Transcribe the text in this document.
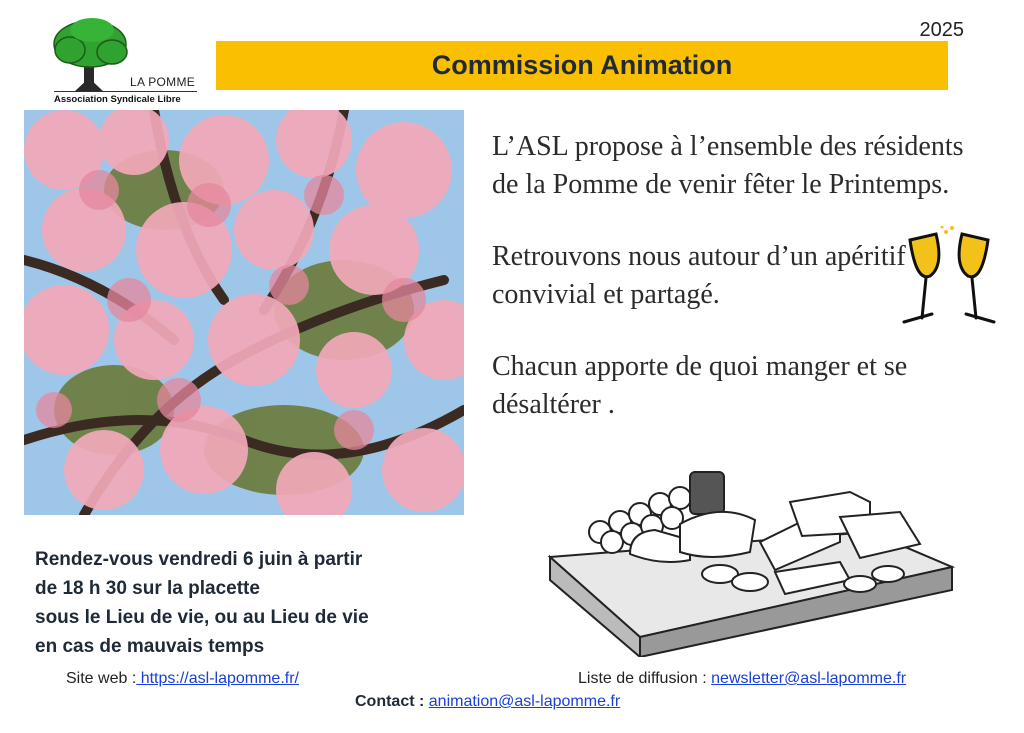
LA POMME
Association Syndicale Libre
2025
Commission Animation

L’ASL propose à l’ensemble des résidents de la Pomme de venir fêter le Printemps.

Retrouvons nous autour d’un apéritif convivial et partagé.

Chacun apporte de quoi manger et se désaltérer .

Rendez-vous vendredi 6 juin à partir
de 18 h 30 sur la placette
sous le Lieu de vie, ou au Lieu de vie
en cas de mauvais temps
Site web : https://asl-lapomme.fr/	Liste de diffusion : newsletter@asl-lapomme.fr
Contact : animation@asl-lapomme.fr
